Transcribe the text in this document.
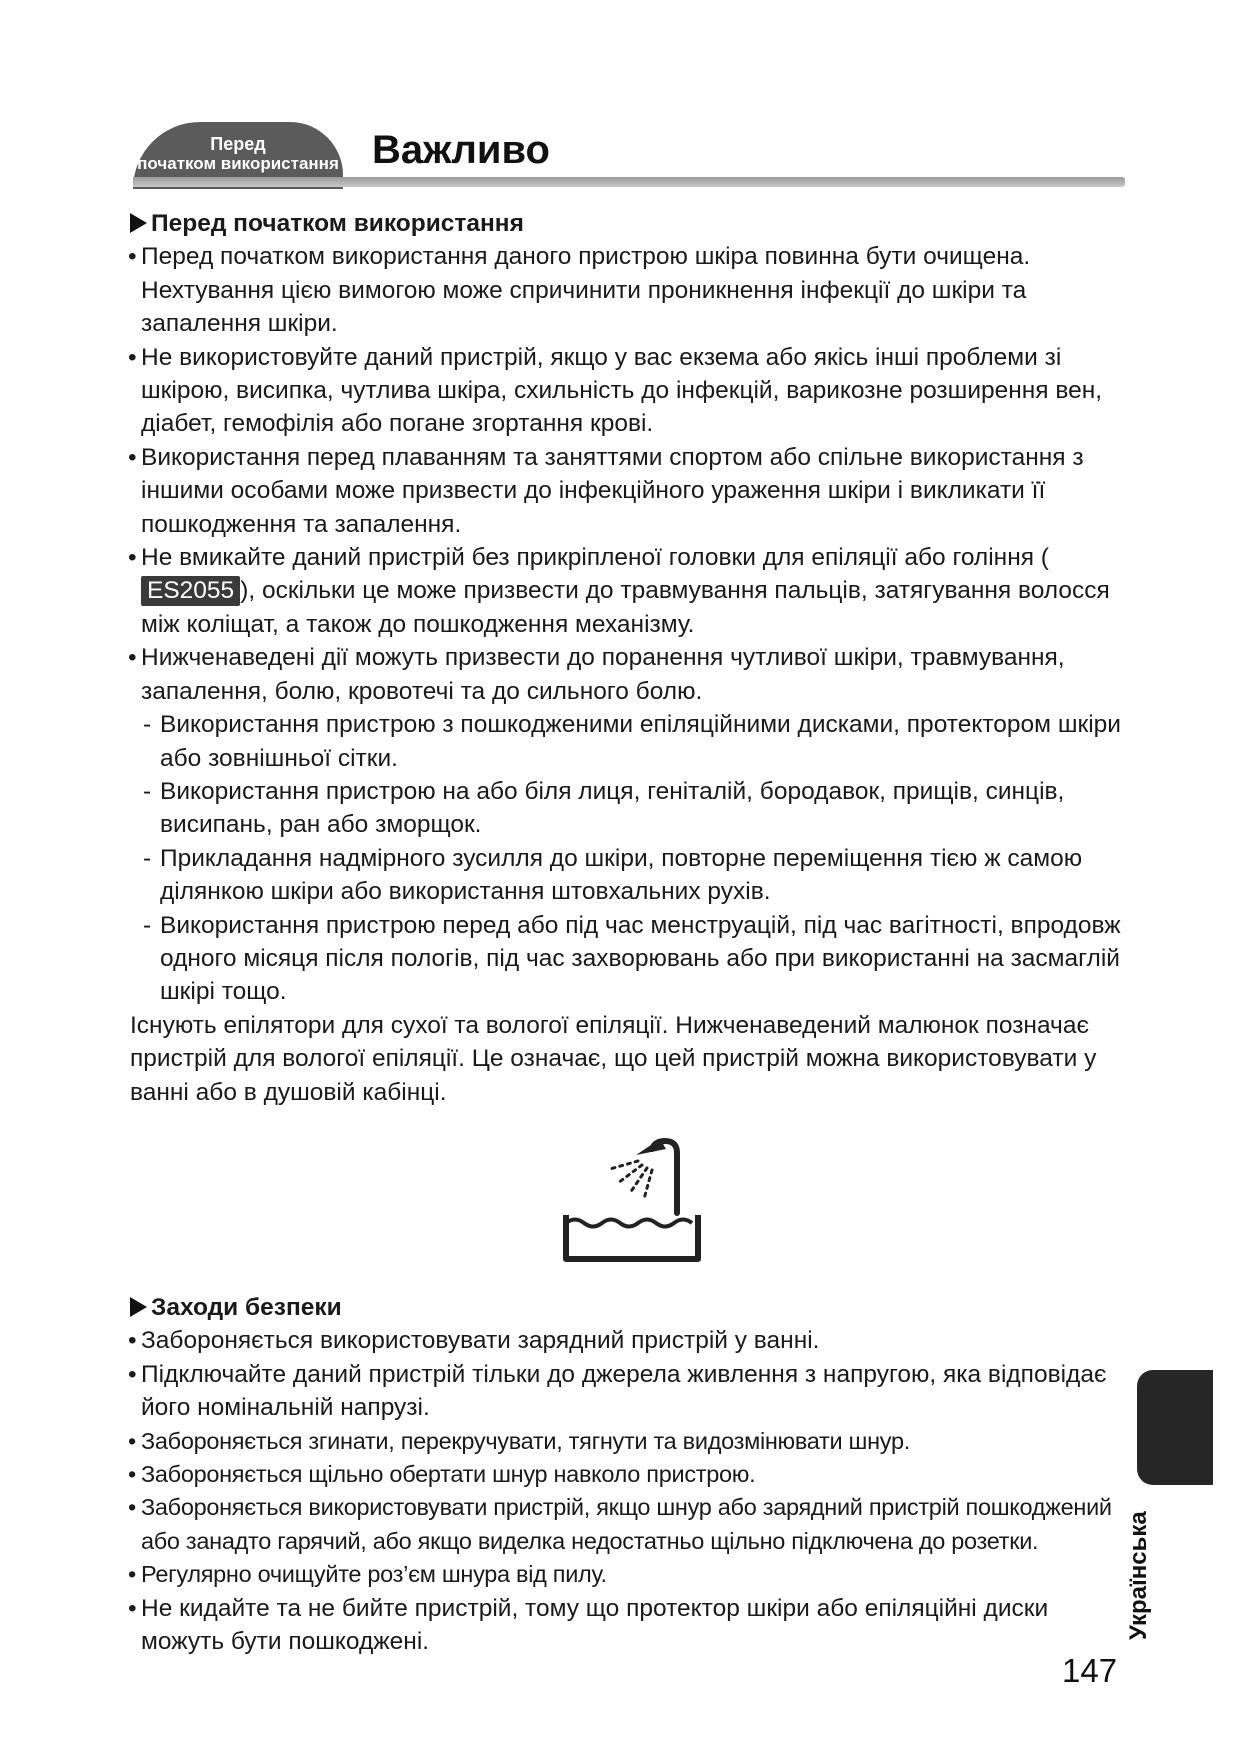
Перед
початком використання Важливо

Перед початком використання

• Перед початком використання даного пристрою шкіра повинна бути очищена. Нехтування цією вимогою може спричинити проникнення інфекції до шкіри та запалення шкіри.

• Не використовуйте даний пристрій, якщо у вас екзема або якісь інші проблеми зі шкірою, висипка, чутлива шкіра, схильність до інфекцій, варикозне розширення вен, діабет, гемофілія або погане згортання крові.

• Використання перед плаванням та заняттями спортом або спільне використання з іншими особами може призвести до інфекційного ураження шкіри і викликати її пошкодження та запалення.

• Не вмикайте даний пристрій без прикріпленої головки для епіляції або гоління (ES2055 ), оскільки це може призвести до травмування пальців, затягування волосся між коліщат, а також до пошкодження механізму.

• Нижченаведені дії можуть призвести до поранення чутливої шкіри, травмування, запалення, болю, кровотечі та до сильного болю.

- Використання пристрою з пошкодженими епіляційними дисками, протектором шкіри або зовнішньої сітки.

- Використання пристрою на або біля лиця, геніталій, бородавок, прищів, синців, висипань, ран або зморщок.

- Прикладання надмірного зусилля до шкіри, повторне переміщення тією ж самою ділянкою шкіри або використання штовхальних рухів.

- Використання пристрою перед або під час менструацій, під час вагітності, впродовж одного місяця після пологів, під час захворювань або при використанні на засмаглій шкірі тощо.

Існують епілятори для сухої та вологої епіляції. Нижченаведений малюнок позначає пристрій для вологої епіляції. Це означає, що цей пристрій можна використовувати у ванні або в душовій кабінці.

Заходи безпеки

• Забороняється використовувати зарядний пристрій у ванні.

• Підключайте даний пристрій тільки до джерела живлення з напругою, яка відповідає його номінальній напрузі.

• Забороняється згинати, перекручувати, тягнути та видозмінювати шнур.

• Забороняється щільно обертати шнур навколо пристрою.

• Забороняється використовувати пристрій, якщо шнур або зарядний пристрій пошкоджений або занадто гарячий, або якщо виделка недостатньо щільно підключена до розетки.

• Регулярно очищуйте роз’єм шнура від пилу.

• Не кидайте та не бийте пристрій, тому що протектор шкіри або епіляційні диски можуть бути пошкоджені.

Українська
147
